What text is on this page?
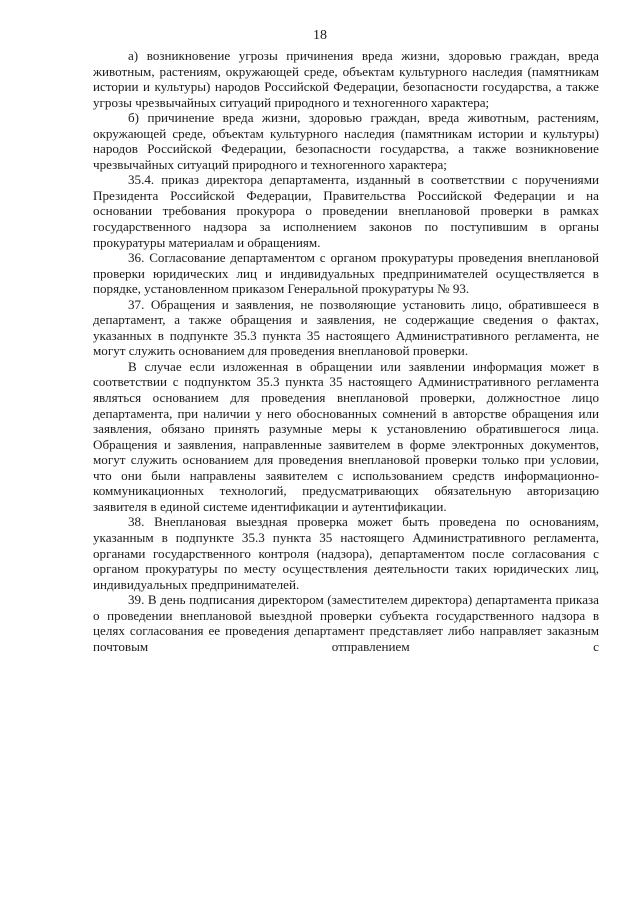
18

а) возникновение угрозы причинения вреда жизни, здоровью граждан, вреда животным, растениям, окружающей среде, объектам культурного наследия (памятникам истории и культуры) народов Российской Федерации, безопасности государства, а также угрозы чрезвычайных ситуаций природного и техногенного характера;

б) причинение вреда жизни, здоровью граждан, вреда животным, растениям, окружающей среде, объектам культурного наследия (памятникам истории и культуры) народов Российской Федерации, безопасности государства, а также возникновение чрезвычайных ситуаций природного и техногенного характера;

35.4. приказ директора департамента, изданный в соответствии с поручениями Президента Российской Федерации, Правительства Российской Федерации и на основании требования прокурора о проведении внеплановой проверки в рамках государственного надзора за исполнением законов по поступившим в органы прокуратуры материалам и обращениям.

36. Согласование департаментом с органом прокуратуры проведения внеплановой проверки юридических лиц и индивидуальных предпринимателей осуществляется в порядке, установленном приказом Генеральной прокуратуры № 93.

37. Обращения и заявления, не позволяющие установить лицо, обратившееся в департамент, а также обращения и заявления, не содержащие сведения о фактах, указанных в подпункте 35.3 пункта 35 настоящего Административного регламента, не могут служить основанием для проведения внеплановой проверки.

В случае если изложенная в обращении или заявлении информация может в соответствии с подпунктом 35.3 пункта 35 настоящего Административного регламента являться основанием для проведения внеплановой проверки, должностное лицо департамента, при наличии у него обоснованных сомнений в авторстве обращения или заявления, обязано принять разумные меры к установлению обратившегося лица. Обращения и заявления, направленные заявителем в форме электронных документов, могут служить основанием для проведения внеплановой проверки только при условии, что они были направлены заявителем с использованием средств информационно-коммуникационных технологий, предусматривающих обязательную авторизацию заявителя в единой системе идентификации и аутентификации.

38. Внеплановая выездная проверка может быть проведена по основаниям, указанным в подпункте 35.3 пункта 35 настоящего Административного регламента, органами государственного контроля (надзора), департаментом после согласования с органом прокуратуры по месту осуществления деятельности таких юридических лиц, индивидуальных предпринимателей.

39. В день подписания директором (заместителем директора) департамента приказа о проведении внеплановой выездной проверки субъекта государственного надзора в целях согласования ее проведения департамент представляет либо направляет заказным почтовым отправлением с
